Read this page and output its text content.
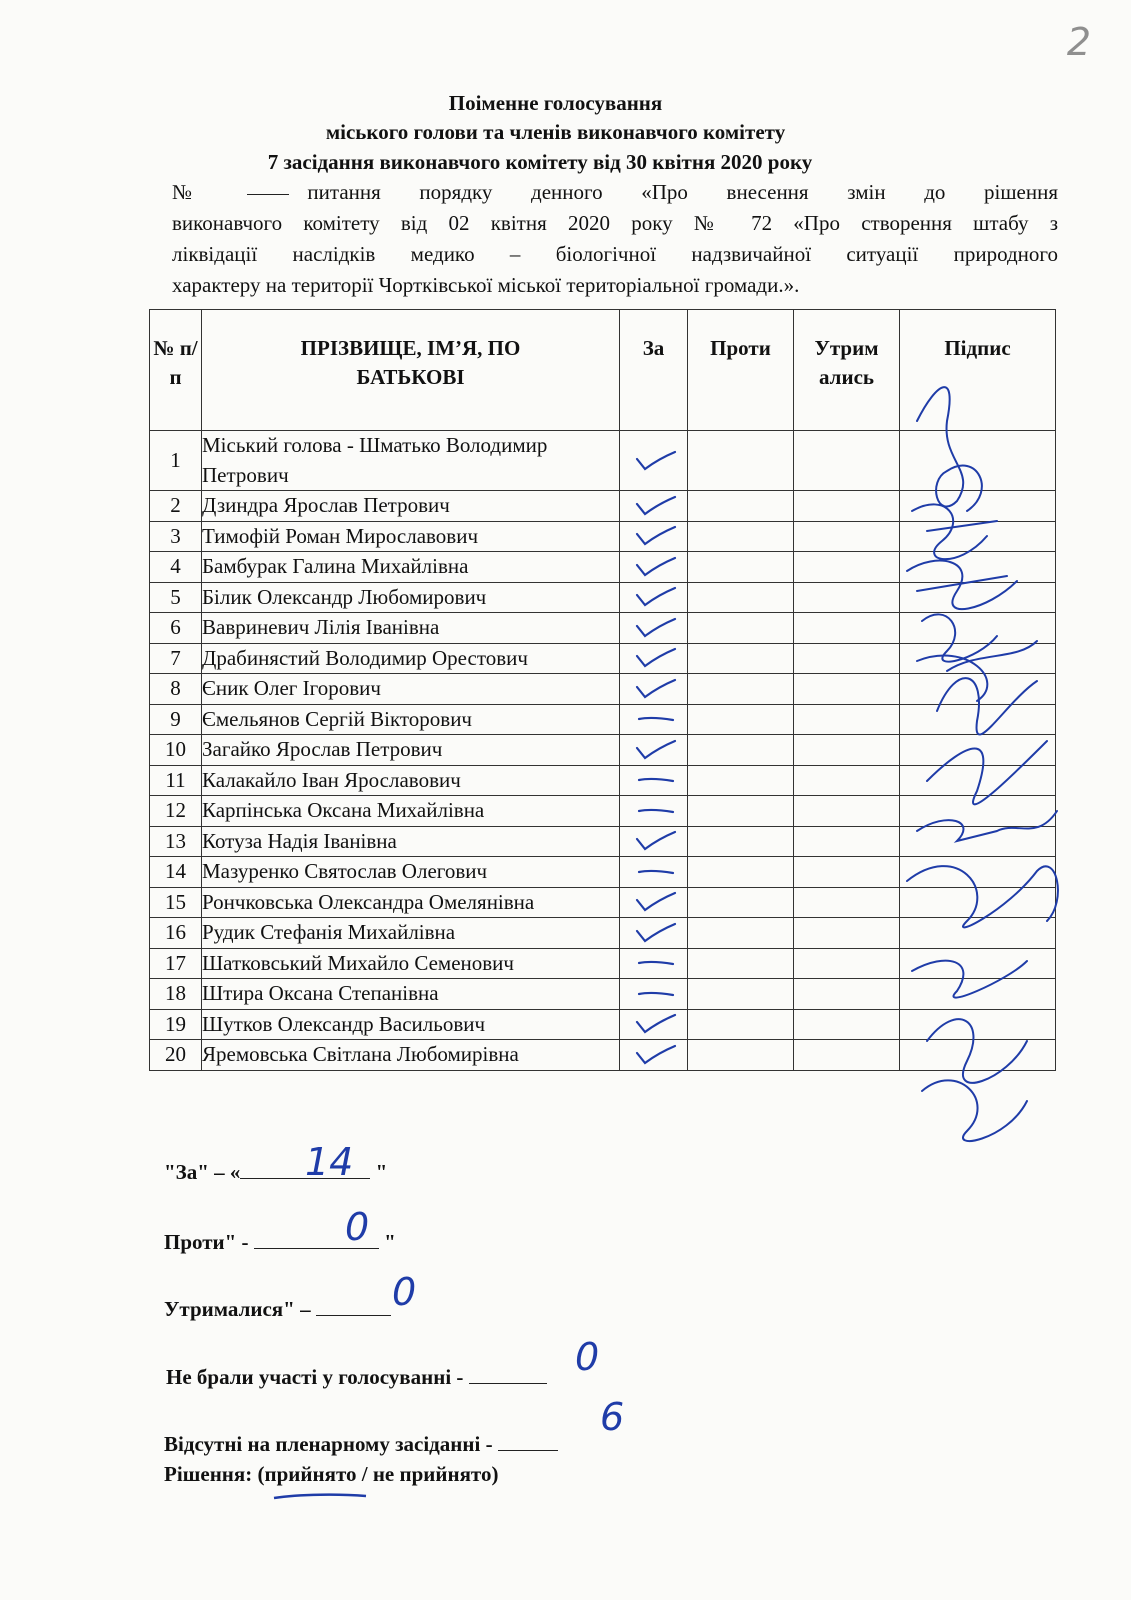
2
Поіменне голосування
міського голови та членів виконавчого комітету
7 засідання виконавчого комітету від 30 квітня 2020 року
№	питання порядку денного «Про внесення змін до рішення
виконавчого комітету від 02 квітня 2020 року № 72 «Про створення штабу з
ліквідації наслідків медико – біологічної надзвичайної ситуації природного
характеру на території Чортківської міської територіальної громади.».
№ п/п	ПРІЗВИЩЕ, ІМ’Я, ПО БАТЬКОВІ	За	Проти	Утрим ались	Підпис
1	Міський голова - Шматько Володимир Петрович	

2	Дзиндра Ярослав Петрович	

3	Тимофій Роман Мирославович	

4	Бамбурак Галина Михайлівна	

5	Білик Олександр Любомирович	

6	Вавриневич Лілія Іванівна	

7	Драбинястий Володимир Орестович	

8	Єник Олег Ігорович	

9	Ємельянов Сергій Вікторович	

10	Загайко Ярослав Петрович	

11	Калакайло Іван Ярославович	

12	Карпінська Оксана Михайлівна	

13	Котуза Надія Іванівна	

14	Мазуренко Святослав Олегович	

15	Рончковська Олександра Омелянівна	

16	Рудик Стефанія Михайлівна	

17	Шатковський Михайло Семенович	

18	Штира Оксана Степанівна	

19	Шутков Олександр Васильович	

20	Яремовська Світлана Любомирівна	

"За" – «	"
14
Проти" -	"
0
Утрималися" –	0
Не брали участі у голосуванні -	0
Відсутні на пленарному засіданні -
6
Рішення: (прийнято / не прийнято)
